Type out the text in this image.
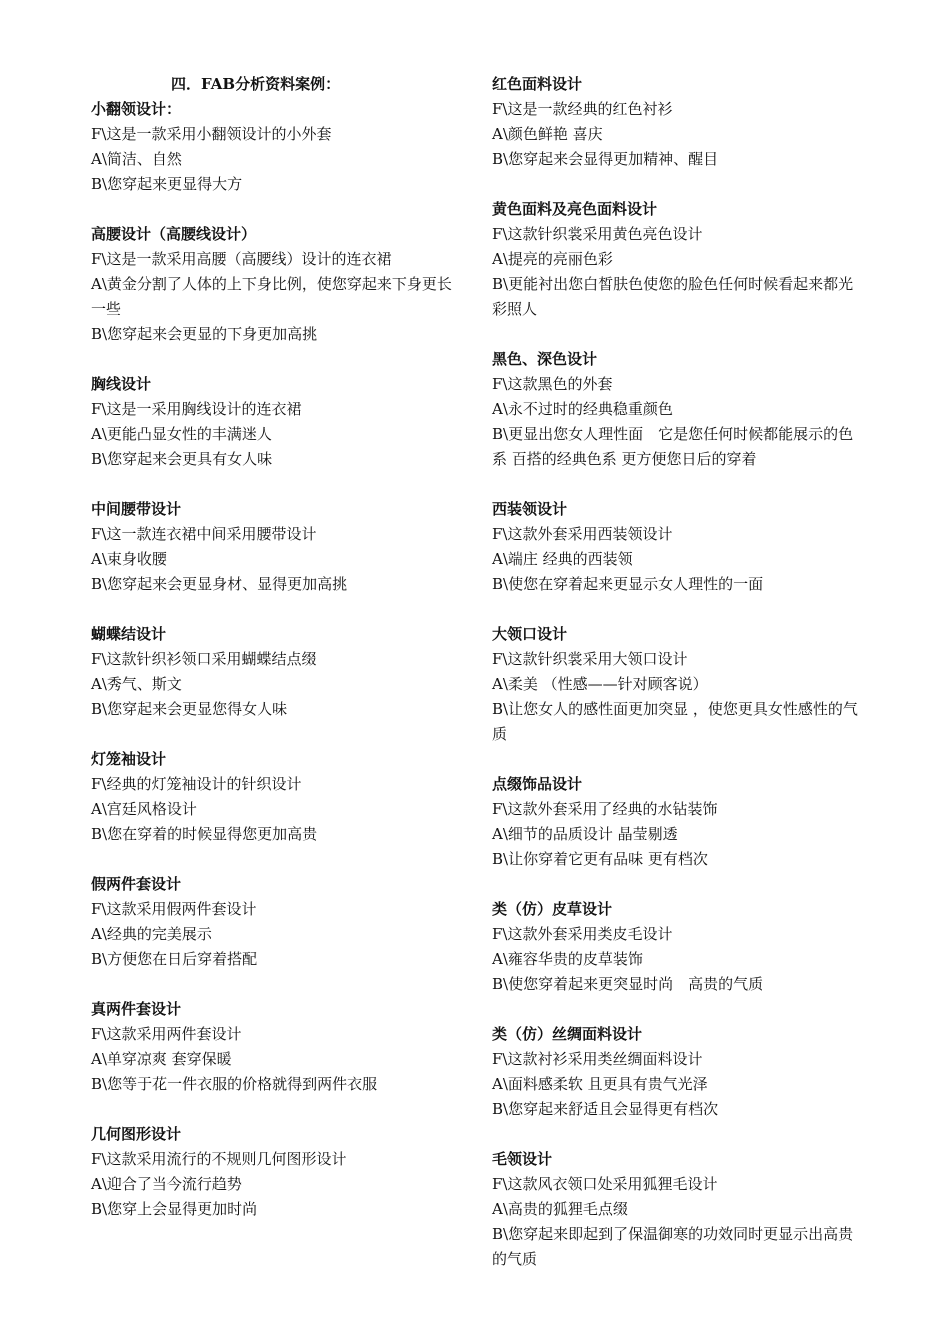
四．FAB分析资料案例：
小翻领设计：

F\这是一款采用小翻领设计的小外套

A\简洁、自然

B\您穿起来更显得大方

高腰设计（高腰线设计）

F\这是一款采用高腰（高腰线）设计的连衣裙

A\黄金分割了人体的上下身比例，使您穿起来下身更长一些

B\您穿起来会更显的下身更加高挑

胸线设计

F\这是一采用胸线设计的连衣裙

A\更能凸显女性的丰满迷人

B\您穿起来会更具有女人味

中间腰带设计

F\这一款连衣裙中间采用腰带设计

A\束身收腰

B\您穿起来会更显身材、显得更加高挑

蝴蝶结设计

F\这款针织衫领口采用蝴蝶结点缀

A\秀气、斯文

B\您穿起来会更显您得女人味

灯笼袖设计

F\经典的灯笼袖设计的针织设计

A\宫廷风格设计

B\您在穿着的时候显得您更加高贵

假两件套设计

F\这款采用假两件套设计

A\经典的完美展示

B\方便您在日后穿着搭配

真两件套设计

F\这款采用两件套设计

A\单穿凉爽 套穿保暖

B\您等于花一件衣服的价格就得到两件衣服

几何图形设计

F\这款采用流行的不规则几何图形设计

A\迎合了当今流行趋势

B\您穿上会显得更加时尚

红色面料设计

F\这是一款经典的红色衬衫

A\颜色鲜艳 喜庆

B\您穿起来会显得更加精神、醒目

黄色面料及亮色面料设计

F\这款针织裳采用黄色亮色设计

A\提亮的亮丽色彩

B\更能衬出您白皙肤色使您的脸色任何时候看起来都光彩照人

黑色、深色设计

F\这款黑色的外套

A\永不过时的经典稳重颜色

B\更显出您女人理性面　它是您任何时候都能展示的色系 百搭的经典色系 更方便您日后的穿着

西装领设计

F\这款外套采用西装领设计

A\端庄 经典的西装领

B\使您在穿着起来更显示女人理性的一面

大领口设计

F\这款针织裳采用大领口设计

A\柔美 （性感——针对顾客说）

B\让您女人的感性面更加突显 ，使您更具女性感性的气质

点缀饰品设计

F\这款外套采用了经典的水钻装饰

A\细节的品质设计 晶莹剔透

B\让你穿着它更有品味 更有档次

类（仿）皮草设计

F\这款外套采用类皮毛设计

A\雍容华贵的皮草装饰

B\使您穿着起来更突显时尚　高贵的气质

类（仿）丝绸面料设计

F\这款衬衫采用类丝绸面料设计

A\面料感柔软 且更具有贵气光泽

B\您穿起来舒适且会显得更有档次

毛领设计

F\这款风衣领口处采用狐狸毛设计

A\高贵的狐狸毛点缀

B\您穿起来即起到了保温御寒的功效同时更显示出高贵的气质
